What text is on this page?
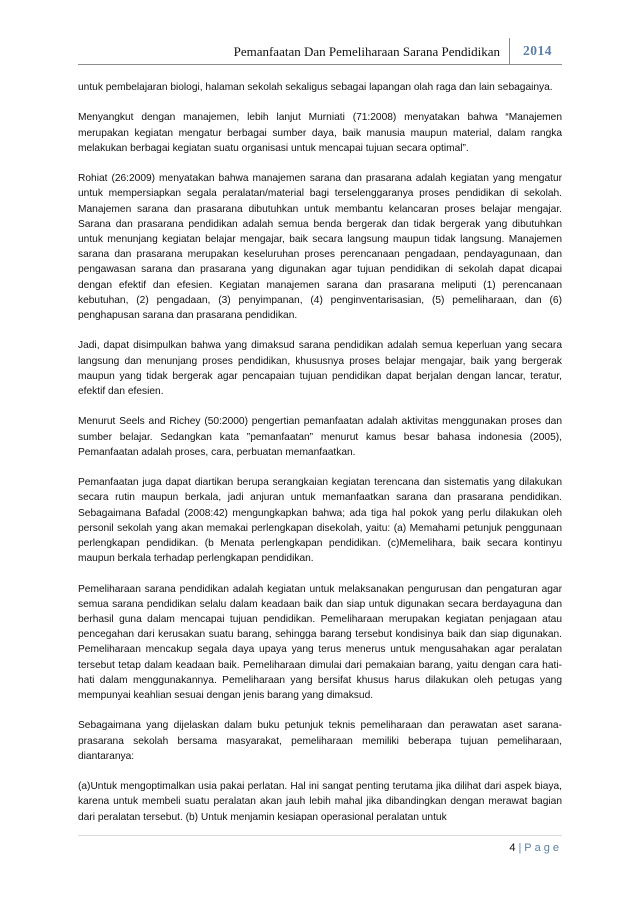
Pemanfaatan Dan Pemeliharaan Sarana Pendidikan 2014

untuk pembelajaran biologi, halaman sekolah sekaligus sebagai lapangan olah raga dan lain sebagainya.

Menyangkut dengan manajemen, lebih lanjut Murniati (71:2008) menyatakan bahwa “Manajemen merupakan kegiatan mengatur berbagai sumber daya, baik manusia maupun material, dalam rangka melakukan berbagai kegiatan suatu organisasi untuk mencapai tujuan secara optimal”.

Rohiat (26:2009) menyatakan bahwa manajemen sarana dan prasarana adalah kegiatan yang mengatur untuk mempersiapkan segala peralatan/material bagi terselenggaranya proses pendidikan di sekolah. Manajemen sarana dan prasarana dibutuhkan untuk membantu kelancaran proses belajar mengajar. Sarana dan prasarana pendidikan adalah semua benda bergerak dan tidak bergerak yang dibutuhkan untuk menunjang kegiatan belajar mengajar, baik secara langsung maupun tidak langsung. Manajemen sarana dan prasarana merupakan keseluruhan proses perencanaan pengadaan, pendayagunaan, dan pengawasan sarana dan prasarana yang digunakan agar tujuan pendidikan di sekolah dapat dicapai dengan efektif dan efesien. Kegiatan manajemen sarana dan prasarana meliputi (1) perencanaan kebutuhan, (2) pengadaan, (3) penyimpanan, (4) penginventarisasian, (5) pemeliharaan, dan (6) penghapusan sarana dan prasarana pendidikan.

Jadi, dapat disimpulkan bahwa yang dimaksud sarana pendidikan adalah semua keperluan yang secara langsung dan menunjang proses pendidikan, khususnya proses belajar mengajar, baik yang bergerak maupun yang tidak bergerak agar pencapaian tujuan pendidikan dapat berjalan dengan lancar, teratur, efektif dan efesien.

Menurut Seels and Richey (50:2000) pengertian pemanfaatan adalah aktivitas menggunakan proses dan sumber belajar. Sedangkan kata ”pemanfaatan” menurut kamus besar bahasa indonesia (2005), Pemanfaatan adalah proses, cara, perbuatan memanfaatkan.

Pemanfaatan juga dapat diartikan berupa serangkaian kegiatan terencana dan sistematis yang dilakukan secara rutin maupun berkala, jadi anjuran untuk memanfaatkan sarana dan prasarana pendidikan. Sebagaimana Bafadal (2008:42) mengungkapkan bahwa; ada tiga hal pokok yang perlu dilakukan oleh personil sekolah yang akan memakai perlengkapan disekolah, yaitu: (a) Memahami petunjuk penggunaan perlengkapan pendidikan. (b Menata perlengkapan pendidikan. (c)Memelihara, baik secara kontinyu maupun berkala terhadap perlengkapan pendidikan.

Pemeliharaan sarana pendidikan adalah kegiatan untuk melaksanakan pengurusan dan pengaturan agar semua sarana pendidikan selalu dalam keadaan baik dan siap untuk digunakan secara berdayaguna dan berhasil guna dalam mencapai tujuan pendidikan. Pemeliharaan merupakan kegiatan penjagaan atau pencegahan dari kerusakan suatu barang, sehingga barang tersebut kondisinya baik dan siap digunakan. Pemeliharaan mencakup segala daya upaya yang terus menerus untuk mengusahakan agar peralatan tersebut tetap dalam keadaan baik. Pemeliharaan dimulai dari pemakaian barang, yaitu dengan cara hati-hati dalam menggunakannya. Pemeliharaan yang bersifat khusus harus dilakukan oleh petugas yang mempunyai keahlian sesuai dengan jenis barang yang dimaksud.

Sebagaimana yang dijelaskan dalam buku petunjuk teknis pemeliharaan dan perawatan aset sarana-prasarana sekolah bersama masyarakat, pemeliharaan memiliki beberapa tujuan pemeliharaan, diantaranya:

(a)Untuk mengoptimalkan usia pakai perlatan. Hal ini sangat penting terutama jika dilihat dari aspek biaya, karena untuk membeli suatu peralatan akan jauh lebih mahal jika dibandingkan dengan merawat bagian dari peralatan tersebut. (b) Untuk menjamin kesiapan operasional peralatan untuk

4 | Page
